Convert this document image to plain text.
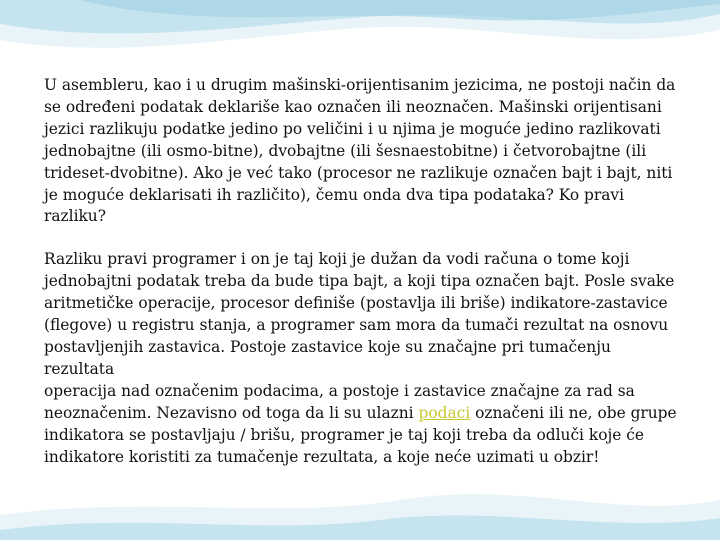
U asembleru, kao i u drugim mašinski-orijentisanim jezicima, ne postoji način da
se određeni podatak deklariše kao označen ili neoznačen. Mašinski orijentisani
jezici razlikuju podatke jedino po veličini i u njima je moguće jedino razlikovati
jednobajtne (ili osmo-bitne), dvobajtne (ili šesnaestobitne) i četvorobajtne (ili
trideset-dvobitne). Ako je već tako (procesor ne razlikuje označen bajt i bajt, niti
je moguće deklarisati ih različito), čemu onda dva tipa podataka? Ko pravi
razliku?

Razliku pravi programer i on je taj koji je dužan da vodi računa o tome koji
jednobajtni podatak treba da bude tipa bajt, a koji tipa označen bajt. Posle svake
aritmetičke operacije, procesor definiše (postavlja ili briše) indikatore-zastavice
(flegove) u registru stanja, a programer sam mora da tumači rezultat na osnovu
postavljenjih zastavica. Postoje zastavice koje su značajne pri tumačenju rezultata
operacija nad označenim podacima, a postoje i zastavice značajne za rad sa
neoznačenim. Nezavisno od toga da li su ulazni podaci označeni ili ne, obe grupe
indikatora se postavljaju / brišu, programer je taj koji treba da odluči koje će
indikatore koristiti za tumačenje rezultata, a koje neće uzimati u obzir!
